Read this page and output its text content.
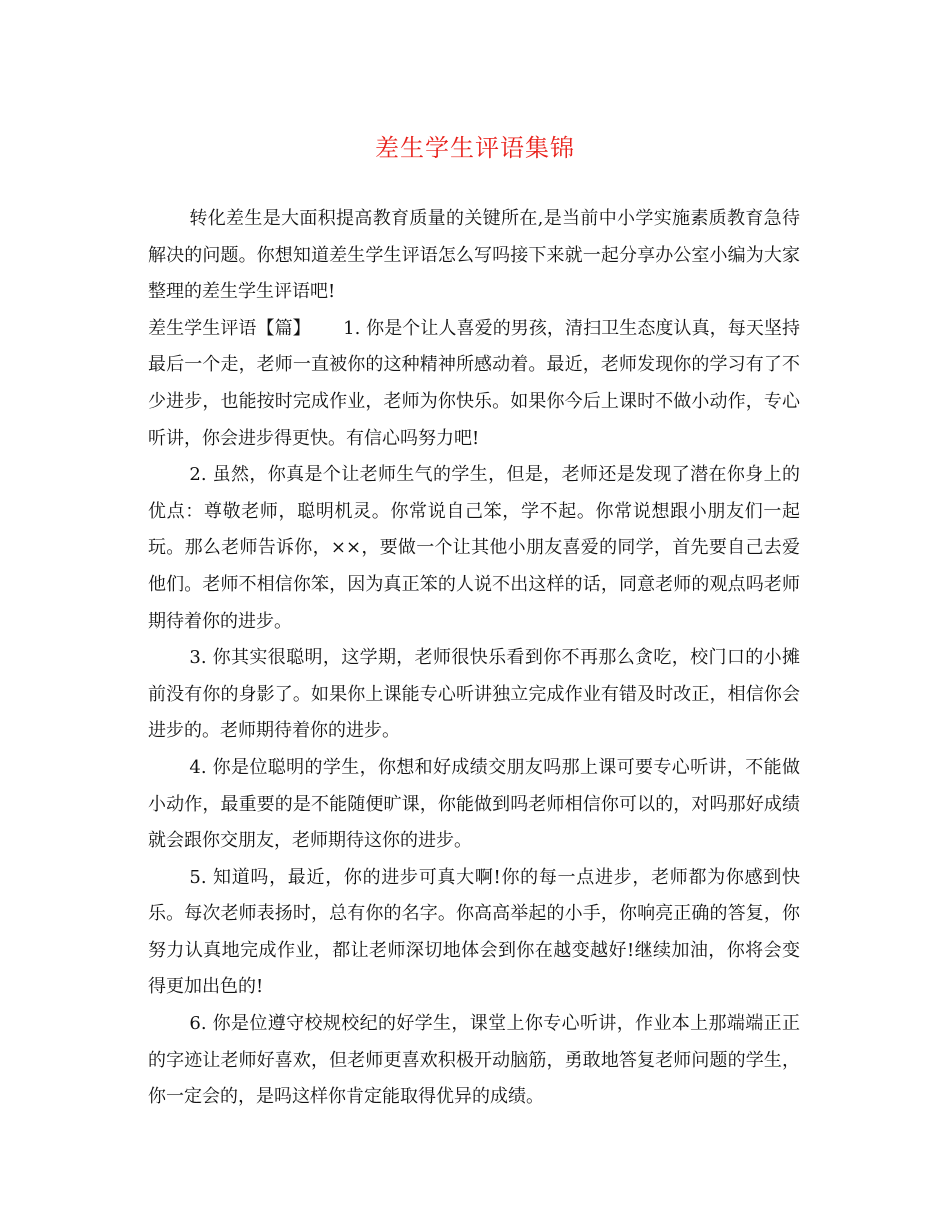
差生学生评语集锦

转化差生是大面积提高教育质量的关键所在,是当前中小学实施素质教育急待解决的问题。你想知道差生学生评语怎么写吗接下来就一起分享办公室小编为大家整理的差生学生评语吧!

差生学生评语【篇】 1. 你是个让人喜爱的男孩，清扫卫生态度认真，每天坚持最后一个走，老师一直被你的这种精神所感动着。最近，老师发现你的学习有了不少进步，也能按时完成作业，老师为你快乐。如果你今后上课时不做小动作，专心听讲，你会进步得更快。有信心吗努力吧!

2. 虽然，你真是个让老师生气的学生，但是，老师还是发现了潜在你身上的优点：尊敬老师，聪明机灵。你常说自己笨，学不起。你常说想跟小朋友们一起玩。那么老师告诉你，××，要做一个让其他小朋友喜爱的同学，首先要自己去爱他们。老师不相信你笨，因为真正笨的人说不出这样的话，同意老师的观点吗老师期待着你的进步。

3. 你其实很聪明，这学期，老师很快乐看到你不再那么贪吃，校门口的小摊前没有你的身影了。如果你上课能专心听讲独立完成作业有错及时改正，相信你会进步的。老师期待着你的进步。

4. 你是位聪明的学生，你想和好成绩交朋友吗那上课可要专心听讲，不能做小动作，最重要的是不能随便旷课，你能做到吗老师相信你可以的，对吗那好成绩就会跟你交朋友，老师期待这你的进步。

5. 知道吗，最近，你的进步可真大啊!你的每一点进步，老师都为你感到快乐。每次老师表扬时，总有你的名字。你高高举起的小手，你响亮正确的答复，你努力认真地完成作业，都让老师深切地体会到你在越变越好!继续加油，你将会变得更加出色的!

6. 你是位遵守校规校纪的好学生，课堂上你专心听讲，作业本上那端端正正的字迹让老师好喜欢，但老师更喜欢积极开动脑筋，勇敢地答复老师问题的学生，你一定会的，是吗这样你肯定能取得优异的成绩。
